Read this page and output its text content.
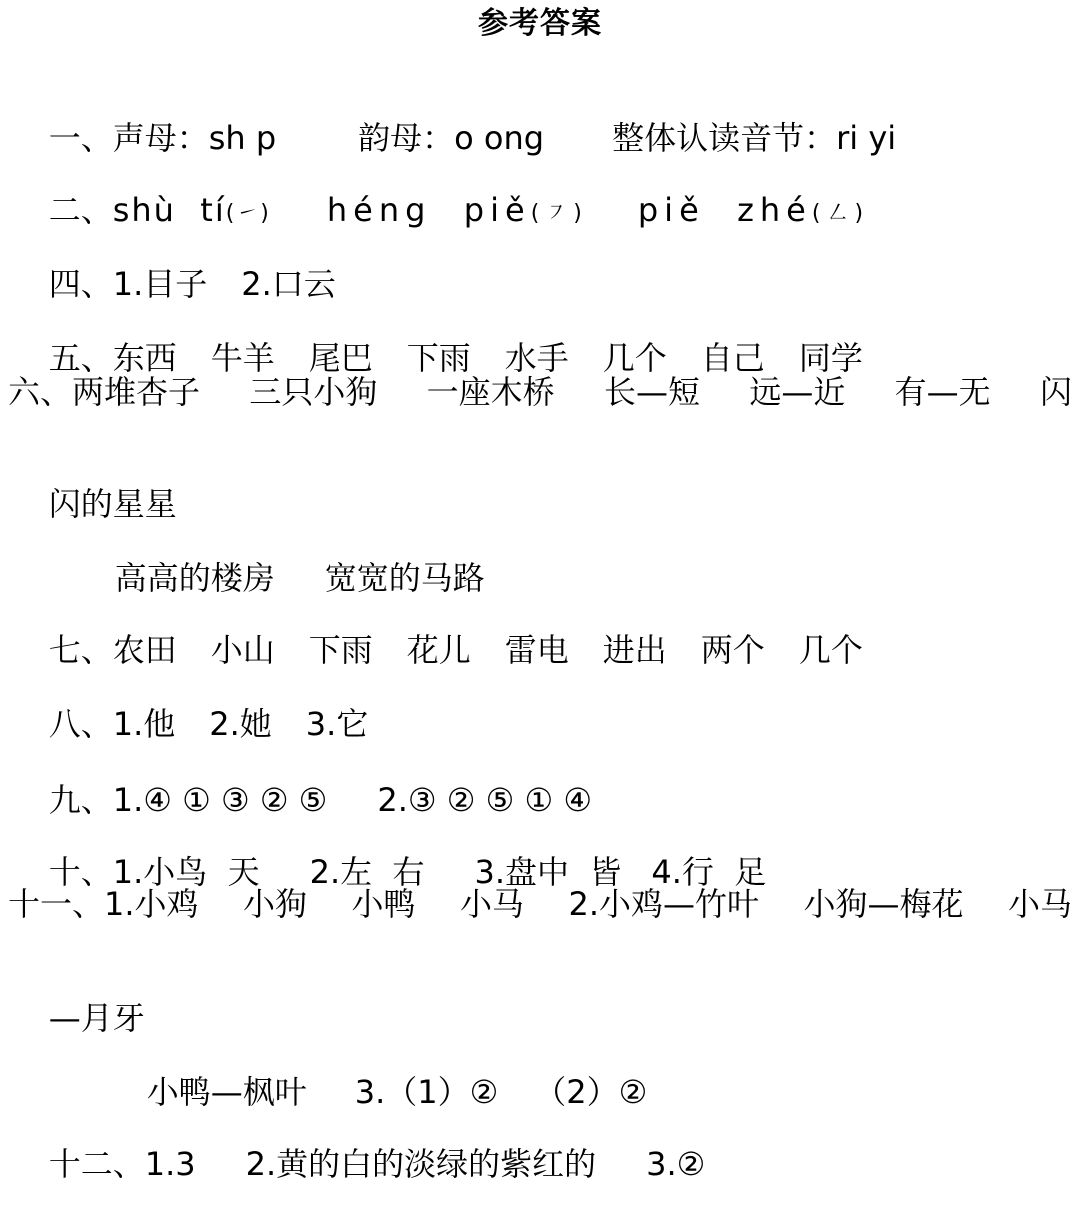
参考答案

一、声母：sh p	韵母：o ong 整体认读音节：ri yi

二、shù  tí(㇀) héng  piě(㇇) piě  zhé(㇜)

四、1.目子 2.口云

五、东西 牛羊 尾巴 下雨 水手 几个 自己 同学

六、两堆杏子 三只小狗 一座木桥 长—短 远—近 有—无 闪

闪的星星

高高的楼房 宽宽的马路

七、农田 小山 下雨 花儿 雷电 进出 两个 几个

八、1.他 2.她 3.它

九、1.④ ① ③ ② ⑤ 2.③ ② ⑤ ① ④

十、1.小鸟  天 2.左  右 3.盘中  皆 4.行  足

十一、1.小鸡 小狗 小鸭 小马 2.小鸡—竹叶 小狗—梅花 小马

—月牙

小鸭—枫叶 3.（1）② （2）②

十二、1.3 2.黄的白的淡绿的紫红的 3.②
